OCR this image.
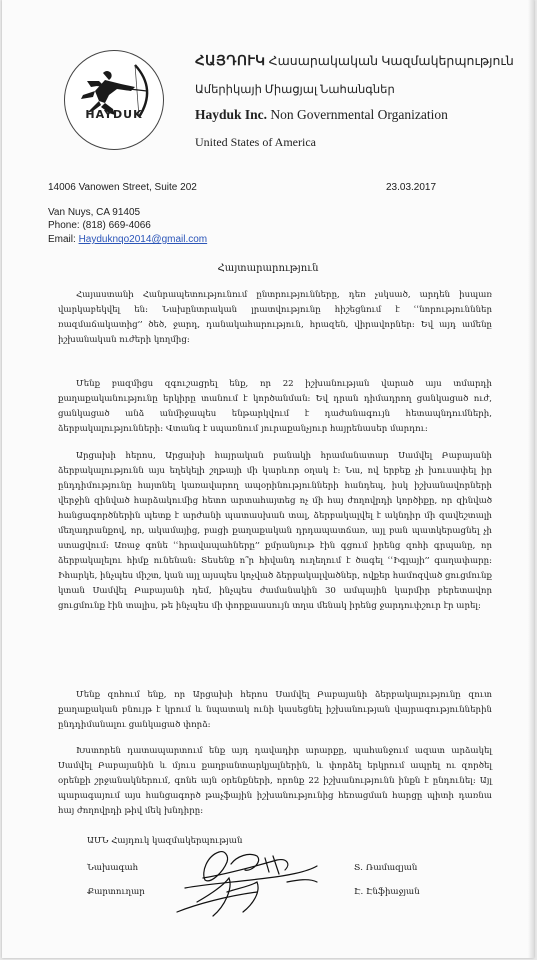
HAYDUK
ՀԱՅԴՈՒԿ Հասարակական Կազմակերպություն
Ամերիկայի Միացյալ Նահանգներ
Hayduk Inc. Non Governmental Organization
United States of America
14006 Vanowen Street, Suite 202	23.03.2017
Van Nuys, CA 91405
Phone: (818) 669-4066
Email: Hayduknqo2014@gmail.com
Հայտարարություն

Հայաստանի Հանրապետությունում ընտրությունները, դեռ չսկսած, արդեն իսպառ վարկաբեկվել են: Նախընտրական լրատվությունը հիշեցնում է ՙՙնորությունններ ռազմաճակատից՚՚ ծեծ, ջարդ, դանակահարություն, հրազեն, վիրավորներ: Եվ այդ ամենը իշխանական ուժերի կողմից:

Մենք բազմիցս զգուշացրել ենք, որ 22 իշխանության վարած այս տմարդի քաղաքականությունը երկիրը տանում է կործանման: Եվ դրան դիմադրող ցանկացած ուժ, ցանկացած անձ անմիջապես ենթարկվում է դաժանագույն հետապնդումների, ձերբակալությունների: Վտանգ է սպառնում յուրաքանչյուր հայրենասեր մարդու:

Արցախի հերոս, Արցախի հայրական բանակի հրամանատար Սամվել Բաբայանի ձերբակալությունն այս եղեկելի շղթայի մի կարևոր օղակ է: Նա, ով երբեք չի խուսափել իր ընդդիմությունը հայտնել կառավարող ապօրինությունների հանդեպ, իսկ իշխանավորների վերջին զինված հարձակումից հետո արտահայտեց ոչ մի հայ ժողովրդի կործիքը, որ զինված հանցագործներին պետք է արժանի պատասխան տալ, ձերբակալվել է ակնդիր մի զավեշտալի մեղադրանքով, որ, ակամայից, բացի քաղաքական դրդապատճառ, այլ բան պատկերացնել չի ստացվում: Առաջ գոնե ՙՙհրավապահները՚՚ քմրանյութ էին գցում իրենց զոհի գրպանը, որ ձերբակալելու հիմք ունենան: Տեսենք ո՞ր հիվանդ ուղեղում է ծագել ՙՙԻգլայի՚՚ գաղափարը: Իհարկե, ինչպես միշտ, կան այլ այսպես կոչված ձերբակալվածներ, ովքեր համոզված ցուցմունք կտան Սամվել Բաբայանի դեմ, ինչպես ժամանակին 30 ամպային կարմիր բերետավոր ցուցմունք էին տալիս, թե ինչպես մի փորքաասույն տղա մենակ իրենց ջարդուփշուր էր արել:

Մենք զոհում ենք, որ Արցախի հերոս Սամվել Բաբայանի ձերբակալությունը զուտ քաղաքական բնույթ է կրում և նպատակ ունի կասեցնել իշխանության վայրագություններին ընդդիմանալու ցանկացած փորձ:

Խստորեն դատապարտում ենք այդ դավադիր արարքը, պահանջում ազատ արձակել Սամվել Բաբայանին և մյուս քաղբանտարկյալներին, և փորձել երկրում ապրել ու զործել օրենքի շրջանակներում, գոնե այն օրենքների, որոնք 22 իշխանությունն ինքն է ընդունել: Այլ պարագայում այս հանցագործ թաչֆային իշխանությունից հեռացման հարցը պիտի դառնա հայ ժողովրդի թիվ մեկ խնդիրը:

ԱՄՆ Հայդուկ կազմակերպության
Նախագահ
Քարտուղար
Տ. Ռամազյան
Է. Էնֆիաջյան
